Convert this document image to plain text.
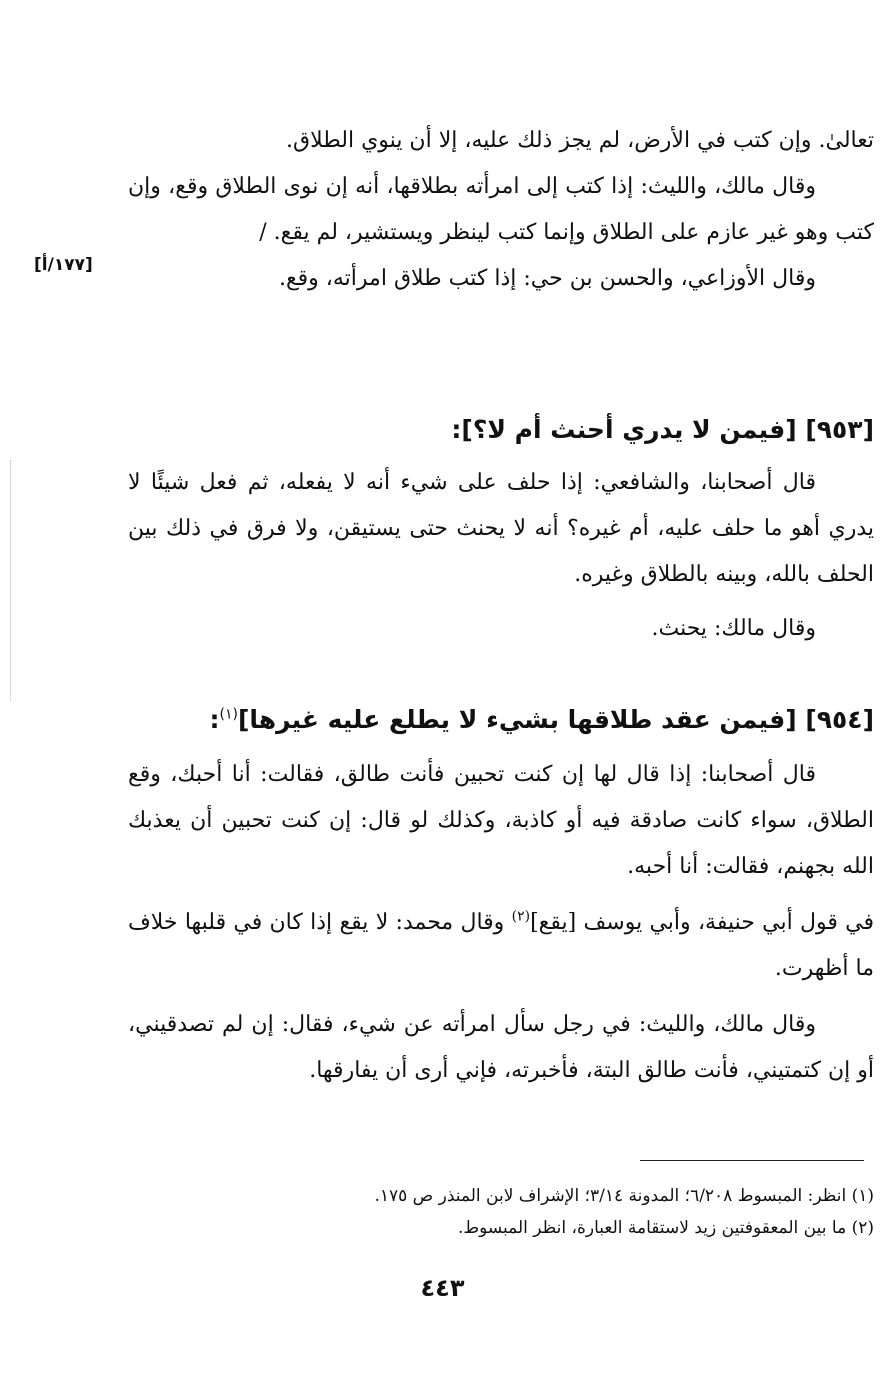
[١٧٧/أ]

تعالىٰ. وإن كتب في الأرض، لم يجز ذلك عليه، إلا أن ينوي الطلاق.

وقال مالك، والليث: إذا كتب إلى امرأته بطلاقها، أنه إن نوى الطلاق وقع، وإن كتب وهو غير عازم على الطلاق وإنما كتب لينظر ويستشير، لم يقع. /

وقال الأوزاعي، والحسن بن حي: إذا كتب طلاق امرأته، وقع.

[٩٥٣] [فيمن لا يدري أحنث أم لا؟]:

قال أصحابنا، والشافعي: إذا حلف على شيء أنه لا يفعله، ثم فعل شيئًا لا يدري أهو ما حلف عليه، أم غيره؟ أنه لا يحنث حتى يستيقن، ولا فرق في ذلك بين الحلف بالله، وبينه بالطلاق وغيره.

وقال مالك: يحنث.

[٩٥٤] [فيمن عقد طلاقها بشيء لا يطلع عليه غيرها]$^{(١)}$:

قال أصحابنا: إذا قال لها إن كنت تحبين فأنت طالق، فقالت: أنا أحبك، وقع الطلاق، سواء كانت صادقة فيه أو كاذبة، وكذلك لو قال: إن كنت تحبين أن يعذبك الله بجهنم، فقالت: أنا أحبه.

في قول أبي حنيفة، وأبي يوسف [يقع]$^{(٢)}$ وقال محمد: لا يقع إذا كان في قلبها خلاف ما أظهرت.

وقال مالك، والليث: في رجل سأل امرأته عن شيء، فقال: إن لم تصدقيني، أو إن كتمتيني، فأنت طالق البتة، فأخبرته، فإني أرى أن يفارقها.

(١) انظر: المبسوط ٦/٢٠٨؛ المدونة ٣/١٤؛ الإشراف لابن المنذر ص ١٧٥.

(٢) ما بين المعقوفتين زيد لاستقامة العبارة، انظر المبسوط.

٤٤٣
